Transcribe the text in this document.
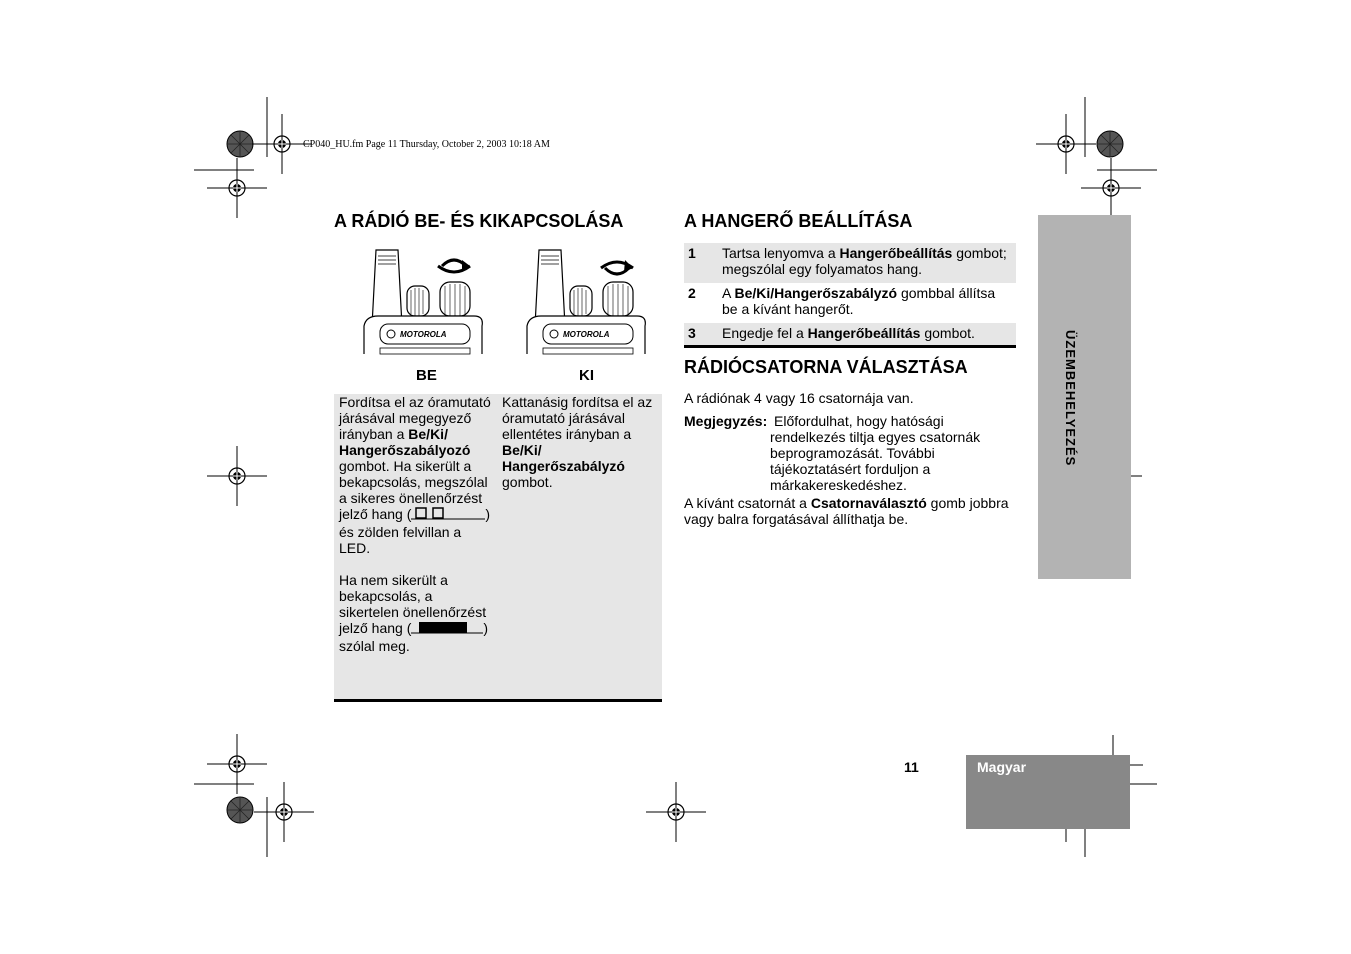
CP040_HU.fm Page 11 Thursday, October 2, 2003 10:18 AM
ÜZEMBEHELYEZÉS
A RÁDIÓ BE- ÉS KIKAPCSOLÁSA
MOTOROLA	MOTOROLA
BE	KI
Fordítsa el az óramutató járásával megegyező irányban a Be/Ki/ Hangerőszabályozó gombot. Ha sikerült a bekapcsolás, megszólal a sikeres önellenőrzést jelző hang (	) és zölden felvillan a LED.
Ha nem sikerült a bekapcsolás, a sikertelen önellenőrzést jelző hang (	) szólal meg.
Kattanásig fordítsa el az óramutató járásával ellentétes irányban a Be/Ki/ Hangerőszabályzó gombot.
A HANGERŐ BEÁLLÍTÁSA
1	Tartsa lenyomva a Hangerőbeállítás gombot; megszólal egy folyamatos hang.
2	A Be/Ki/Hangerőszabályzó gombbal állítsa be a kívánt hangerőt.
3	Engedje fel a Hangerőbeállítás gombot.
RÁDIÓCSATORNA VÁLASZTÁSA
A rádiónak 4 vagy 16 csatornája van.
Megjegyzés: Előfordulhat, hogy hatósági rendelkezés tiltja egyes csatornák beprogramozását. További tájékoztatásért forduljon a márkakereskedéshez.
A kívánt csatornát a Csatornaválasztó gomb jobbra vagy balra forgatásával állíthatja be.
Magyar
11
